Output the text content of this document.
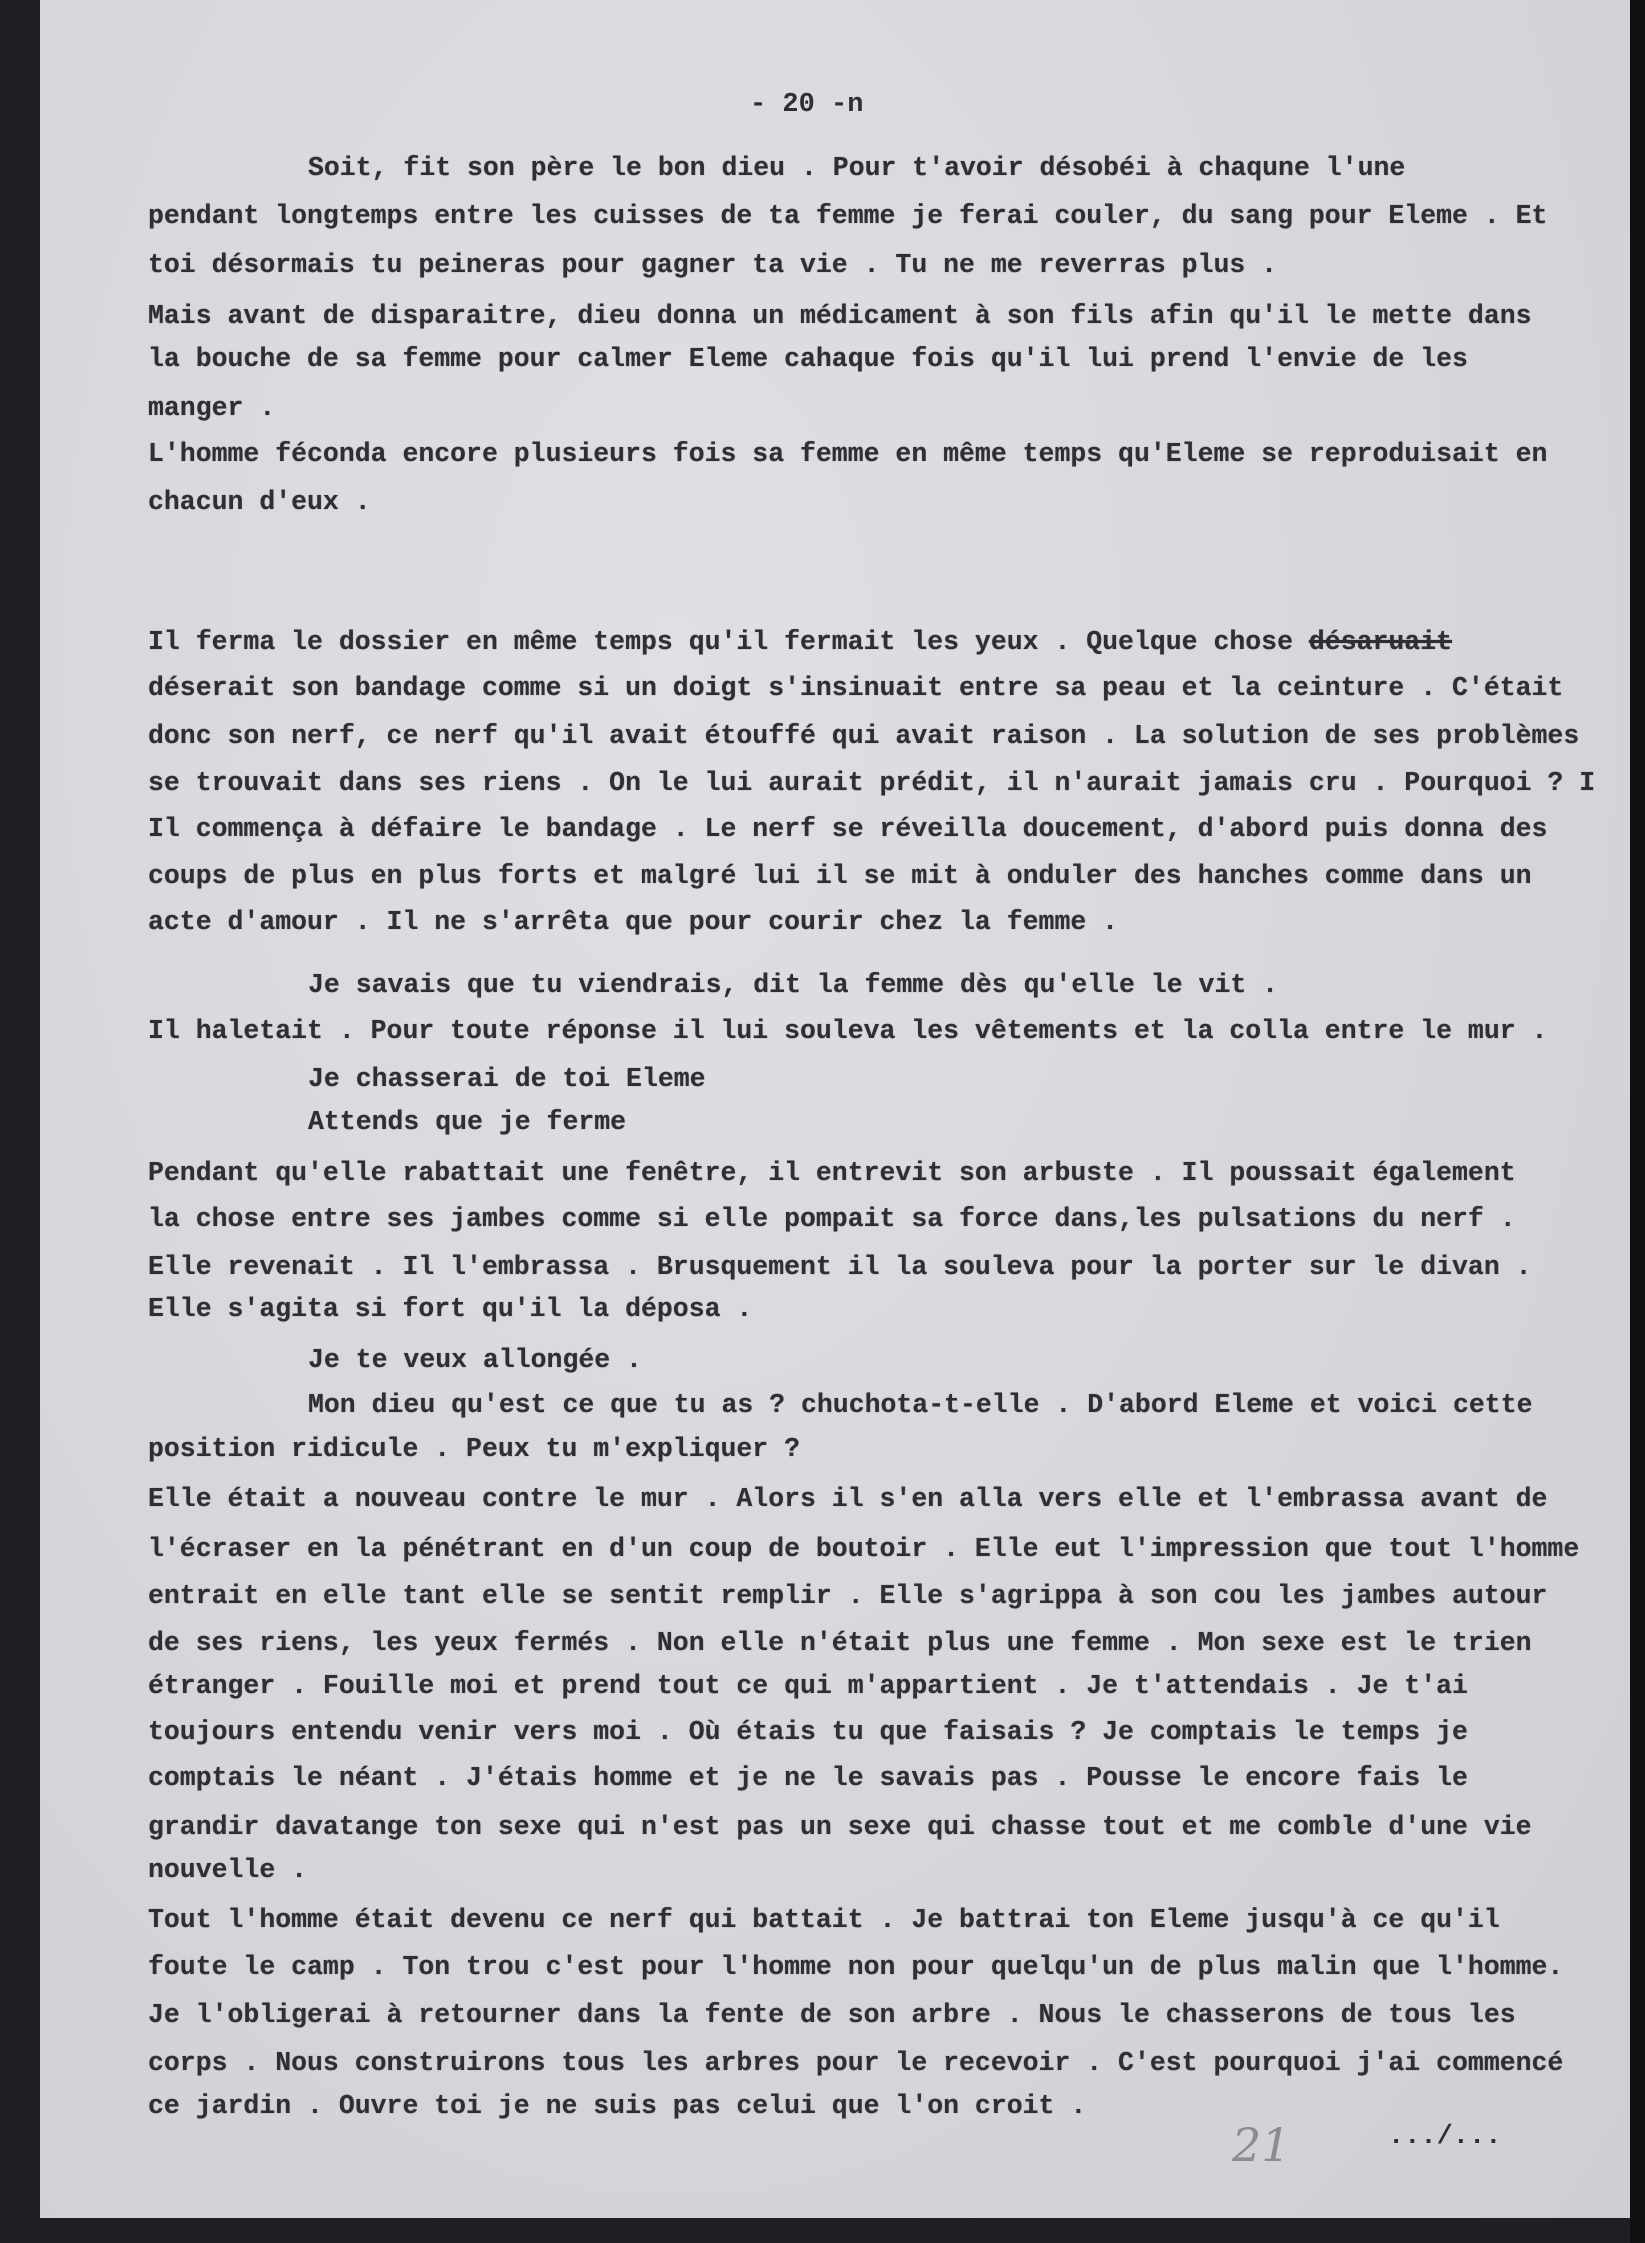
- 20 -n
Soit, fit son père le bon dieu . Pour t'avoir désobéi à chaqune l'une
pendant longtemps entre les cuisses de ta femme je ferai couler, du sang pour Eleme . Et
toi désormais tu peineras pour gagner ta vie . Tu ne me reverras plus .
Mais avant de disparaitre, dieu donna un médicament à son fils afin qu'il le mette dans
la bouche de sa femme pour calmer Eleme cahaque fois qu'il lui prend l'envie de les
manger .
L'homme féconda encore plusieurs fois sa femme en même temps qu'Eleme se reproduisait en
chacun d'eux .
Il ferma le dossier en même temps qu'il fermait les yeux . Quelque chose désaruait
déserait son bandage comme si un doigt s'insinuait entre sa peau et la ceinture . C'était
donc son nerf, ce nerf qu'il avait étouffé qui avait raison . La solution de ses problèmes
se trouvait dans ses riens . On le lui aurait prédit, il n'aurait jamais cru . Pourquoi ? I
Il commença à défaire le bandage . Le nerf se réveilla doucement, d'abord puis donna des
coups de plus en plus forts et malgré lui il se mit à onduler des hanches comme dans un
acte d'amour . Il ne s'arrêta que pour courir chez la femme .
Je savais que tu viendrais, dit la femme dès qu'elle le vit .
Il haletait . Pour toute réponse il lui souleva les vêtements et la colla entre le mur .
Je chasserai de toi Eleme
Attends que je ferme
Pendant qu'elle rabattait une fenêtre, il entrevit son arbuste . Il poussait également
la chose entre ses jambes comme si elle pompait sa force dans,les pulsations du nerf .
Elle revenait . Il l'embrassa . Brusquement il la souleva pour la porter sur le divan .
Elle s'agita si fort qu'il la déposa .
Je te veux allongée .
Mon dieu qu'est ce que tu as ? chuchota-t-elle . D'abord Eleme et voici cette
position ridicule . Peux tu m'expliquer ?
Elle était a nouveau contre le mur . Alors il s'en alla vers elle et l'embrassa avant de
l'écraser en la pénétrant en d'un coup de boutoir . Elle eut l'impression que tout l'homme
entrait en elle tant elle se sentit remplir . Elle s'agrippa à son cou les jambes autour
de ses riens, les yeux fermés . Non elle n'était plus une femme . Mon sexe est le trien
étranger . Fouille moi et prend tout ce qui m'appartient . Je t'attendais . Je t'ai
toujours entendu venir vers moi . Où étais tu que faisais ? Je comptais le temps je
comptais le néant . J'étais homme et je ne le savais pas . Pousse le encore fais le
grandir davatange ton sexe qui n'est pas un sexe qui chasse tout et me comble d'une vie
nouvelle .
Tout l'homme était devenu ce nerf qui battait . Je battrai ton Eleme jusqu'à ce qu'il
foute le camp . Ton trou c'est pour l'homme non pour quelqu'un de plus malin que l'homme.
Je l'obligerai à retourner dans la fente de son arbre . Nous le chasserons de tous les
corps . Nous construirons tous les arbres pour le recevoir . C'est pourquoi j'ai commencé
ce jardin . Ouvre toi je ne suis pas celui que l'on croit .
21	.../...
